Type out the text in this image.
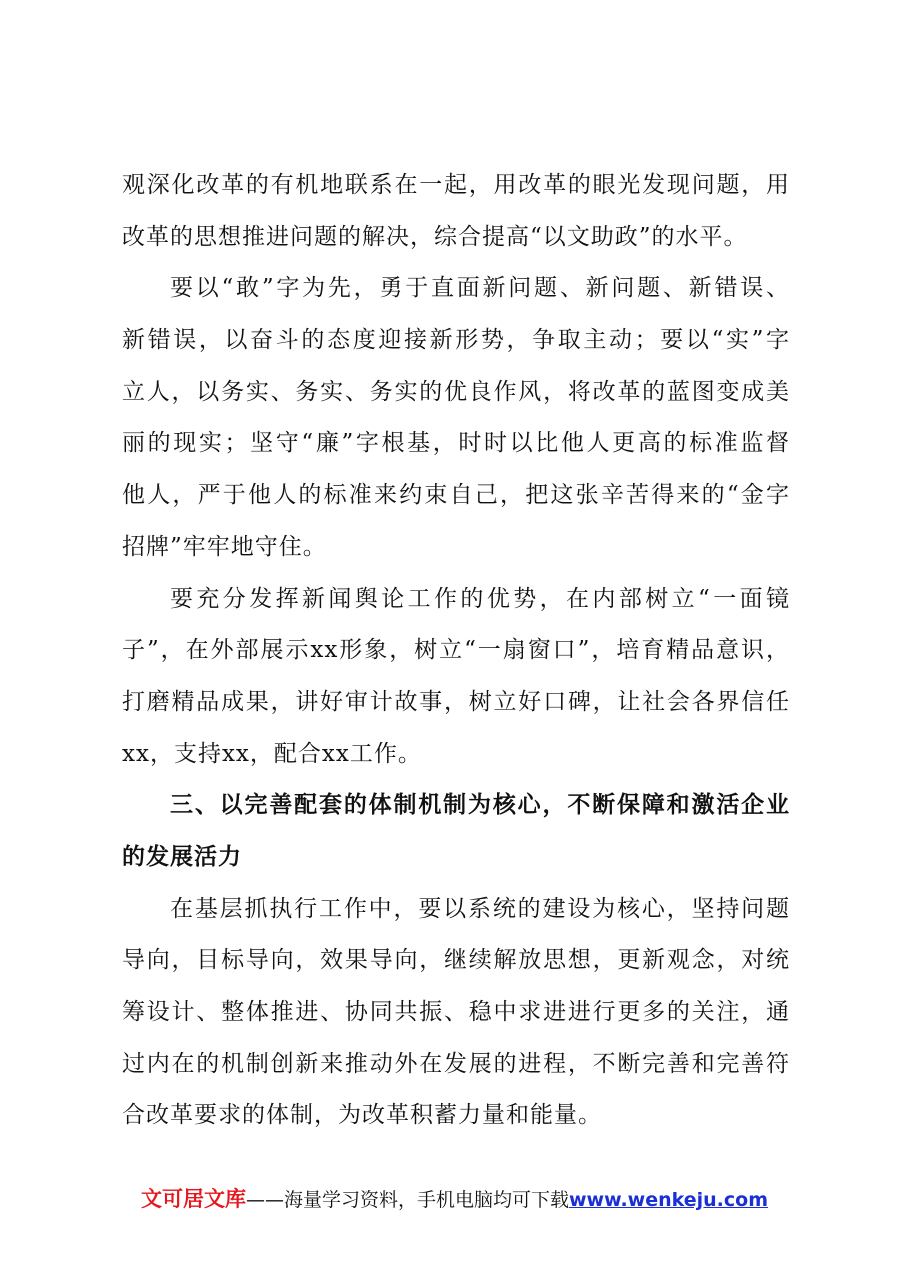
观深化改革的有机地联系在一起，用改革的眼光发现问题，用
改革的思想推进问题的解决，综合提高“以文助政”的水平。
要以“敢”字为先，勇于直面新问题、新问题、新错误、
新错误，以奋斗的态度迎接新形势，争取主动；要以“实”字
立人，以务实、务实、务实的优良作风，将改革的蓝图变成美
丽的现实；坚守“廉”字根基，时时以比他人更高的标准监督
他人，严于他人的标准来约束自己，把这张辛苦得来的“金字
招牌”牢牢地守住。
要充分发挥新闻舆论工作的优势，在内部树立“一面镜
子”，在外部展示xx形象，树立“一扇窗口”，培育精品意识，
打磨精品成果，讲好审计故事，树立好口碑，让社会各界信任
xx，支持xx，配合xx工作。
三、以完善配套的体制机制为核心，不断保障和激活企业
的发展活力
在基层抓执行工作中，要以系统的建设为核心，坚持问题
导向，目标导向，效果导向，继续解放思想，更新观念，对统
筹设计、整体推进、协同共振、稳中求进进行更多的关注，通
过内在的机制创新来推动外在发展的进程，不断完善和完善符
合改革要求的体制，为改革积蓄力量和能量。
文可居文库——海量学习资料，手机电脑均可下载www.wenkeju.com
